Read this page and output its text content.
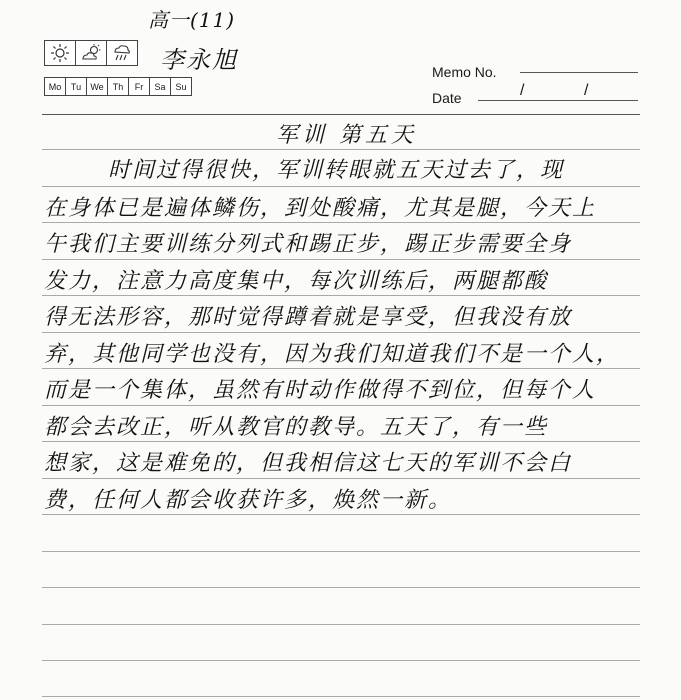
高一(11)
李永旭
Mo	Tu	We	Th	Fr	Sa	Su
Memo No.
Date	/	/
军训 第五天
时间过得很快，军训转眼就五天过去了，现
在身体已是遍体鳞伤，到处酸痛，尤其是腿，今天上
午我们主要训练分列式和踢正步，踢正步需要全身
发力，注意力高度集中，每次训练后，两腿都酸
得无法形容，那时觉得蹲着就是享受，但我没有放
弃，其他同学也没有，因为我们知道我们不是一个人，
而是一个集体，虽然有时动作做得不到位，但每个人
都会去改正，听从教官的教导。五天了，有一些
想家，这是难免的，但我相信这七天的军训不会白
费，任何人都会收获许多，焕然一新。
